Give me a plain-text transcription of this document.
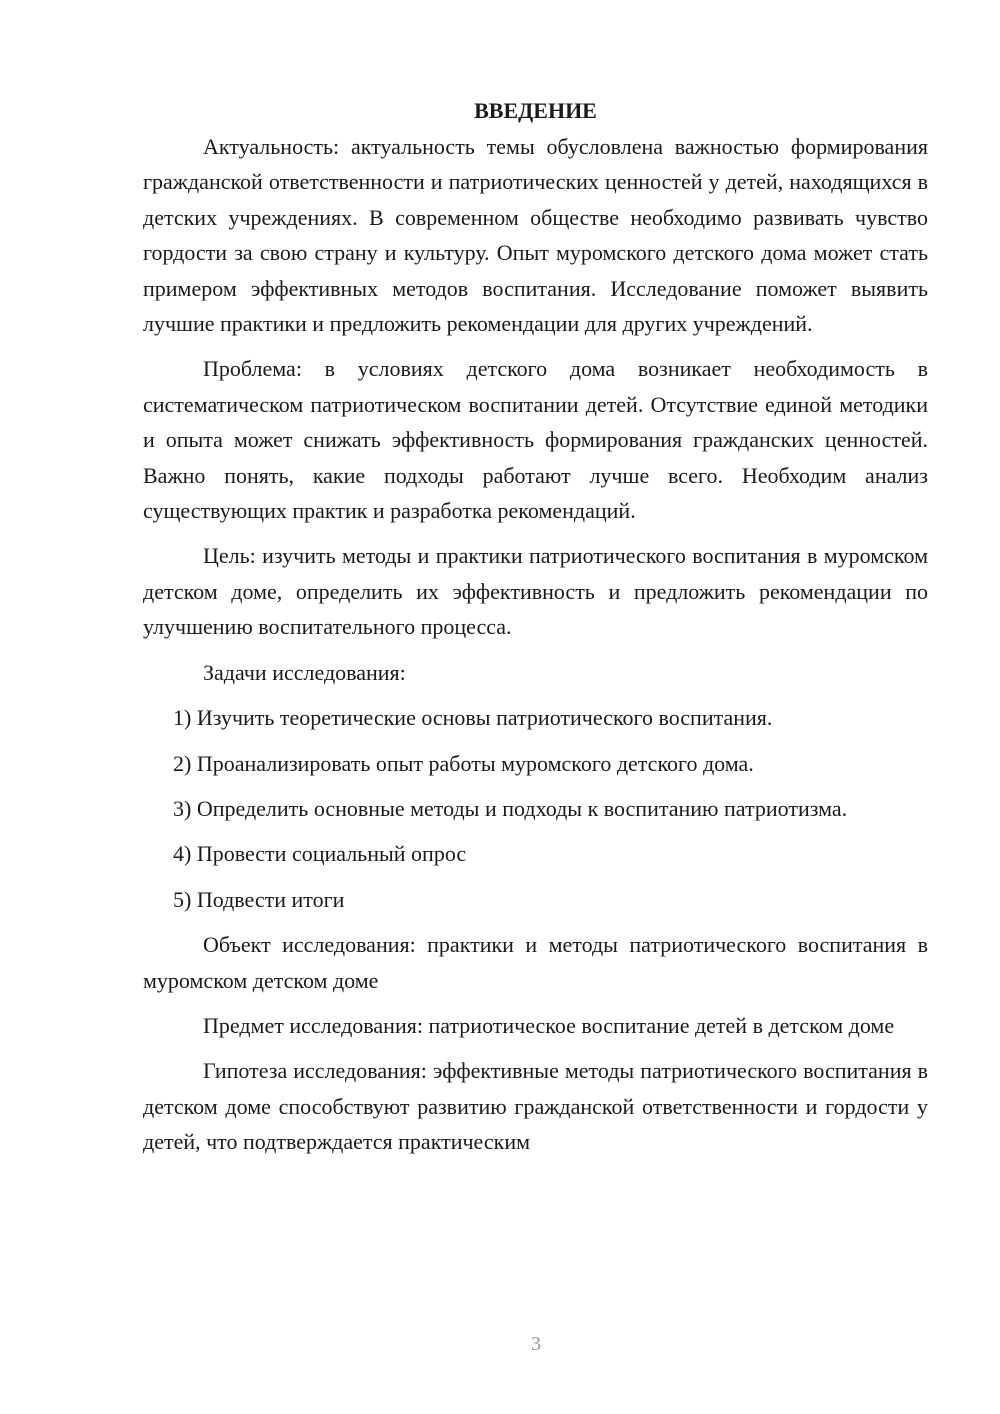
ВВЕДЕНИЕ

Актуальность: актуальность темы обусловлена важностью формирования гражданской ответственности и патриотических ценностей у детей, находящихся в детских учреждениях. В современном обществе необходимо развивать чувство гордости за свою страну и культуру. Опыт муромского детского дома может стать примером эффективных методов воспитания. Исследование поможет выявить лучшие практики и предложить рекомендации для других учреждений.

Проблема: в условиях детского дома возникает необходимость в систематическом патриотическом воспитании детей. Отсутствие единой методики и опыта может снижать эффективность формирования гражданских ценностей. Важно понять, какие подходы работают лучше всего. Необходим анализ существующих практик и разработка рекомендаций.

Цель: изучить методы и практики патриотического воспитания в муромском детском доме, определить их эффективность и предложить рекомендации по улучшению воспитательного процесса.

Задачи исследования:

1) Изучить теоретические основы патриотического воспитания.

2) Проанализировать опыт работы муромского детского дома.

3) Определить основные методы и подходы к воспитанию патриотизма.

4) Провести социальный опрос

5) Подвести итоги

Объект исследования: практики и методы патриотического воспитания в муромском детском доме

Предмет исследования: патриотическое воспитание детей в детском доме

Гипотеза исследования: эффективные методы патриотического воспитания в детском доме способствуют развитию гражданской ответственности и гордости у детей, что подтверждается практическим

3
